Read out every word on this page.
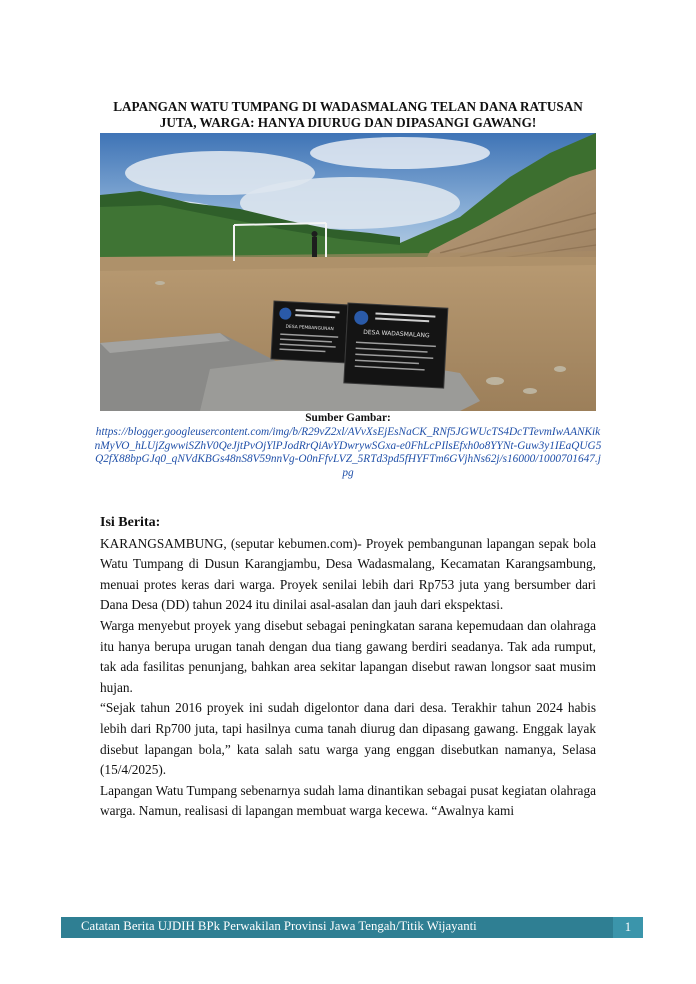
LAPANGAN WATU TUMPANG DI WADASMALANG TELAN DANA RATUSAN JUTA, WARGA: HANYA DIURUG DAN DIPASANGI GAWANG!
DESA PEMBANGUNAN
DESA WADASMALANG
Sumber Gambar:
https://blogger.googleusercontent.com/img/b/R29vZ2xl/AVvXsEjEsNaCK_RNf5JGWUcTS4DcTTevmIwAANKiknMyVO_hLUjZgwwiSZhV0QeJjtPvOjYlPJodRrQiAvYDwrywSGxa-e0FhLcPIlsEfxh0o8YYNt-Guw3y1IEaQUG5Q2fX88bpGJq0_qNVdKBGs48nS8V59nnVg-O0nFfvLVZ_5RTd3pd5fHYFTm6GVjhNs62j/s16000/1000701647.jpg
Isi Berita:

KARANGSAMBUNG, (seputar kebumen.com)- Proyek pembangunan lapangan sepak bola Watu Tumpang di Dusun Karangjambu, Desa Wadasmalang, Kecamatan Karangsambung, menuai protes keras dari warga. Proyek senilai lebih dari Rp753 juta yang bersumber dari Dana Desa (DD) tahun 2024 itu dinilai asal-asalan dan jauh dari ekspektasi.

Warga menyebut proyek yang disebut sebagai peningkatan sarana kepemudaan dan olahraga itu hanya berupa urugan tanah dengan dua tiang gawang berdiri seadanya. Tak ada rumput, tak ada fasilitas penunjang, bahkan area sekitar lapangan disebut rawan longsor saat musim hujan.

“Sejak tahun 2016 proyek ini sudah digelontor dana dari desa. Terakhir tahun 2024 habis lebih dari Rp700 juta, tapi hasilnya cuma tanah diurug dan dipasang gawang. Enggak layak disebut lapangan bola,” kata salah satu warga yang enggan disebutkan namanya, Selasa (15/4/2025).

Lapangan Watu Tumpang sebenarnya sudah lama dinantikan sebagai pusat kegiatan olahraga warga. Namun, realisasi di lapangan membuat warga kecewa. “Awalnya kami

Catatan Berita UJDIH BPk Perwakilan Provinsi Jawa Tengah/Titik Wijayanti	1
